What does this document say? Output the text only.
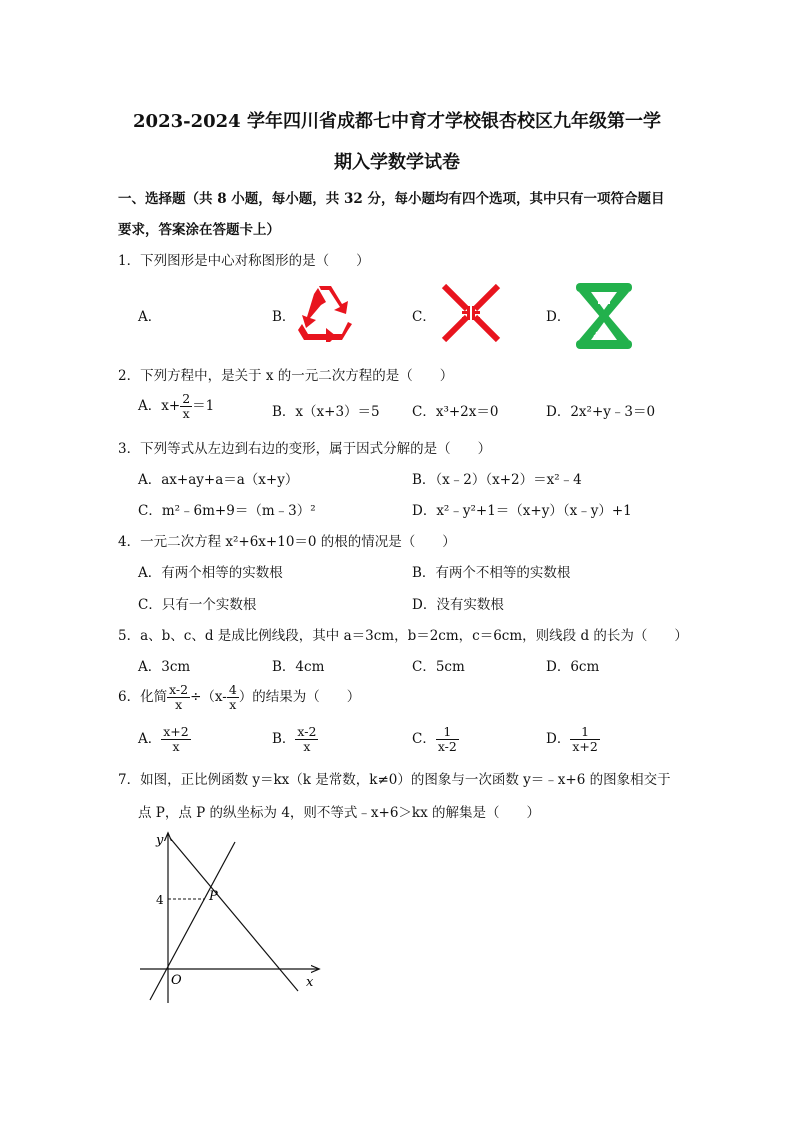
2023-2024 学年四川省成都七中育才学校银杏校区九年级第一学
期入学数学试卷
一、选择题（共 8 小题，每小题，共 32 分，每小题均有四个选项，其中只有一项符合题目
要求，答案涂在答题卡上）
1．下列图形是中心对称图形的是（　　）
A．	B．	C．	D．
2．下列方程中，是关于 x 的一元二次方程的是（　　）
A．$x+ \frac{2}{x} =1$	B．x（x+3）＝5 C．x³+2x＝0	D．2x²+y﹣3＝0
3．下列等式从左边到右边的变形，属于因式分解的是（　　）
A．ax+ay+a＝a（x+y）	B．（x﹣2）（x+2）＝x²﹣4
C．m²﹣6m+9＝（m﹣3）²	D．x²﹣y²+1＝（x+y）（x﹣y）+1
4．一元二次方程 x²+6x+10＝0 的根的情况是（　　）
A．有两个相等的实数根	B．有两个不相等的实数根
C．只有一个实数根	D．没有实数根
5．a、b、c、d 是成比例线段，其中 a＝3cm，b＝2cm，c＝6cm，则线段 d 的长为（　　）
A．3cm	B．4cm	C．5cm	D．6cm
6．化简 $\frac{x-2}{x} \div(x- \frac{4}{x}$ ）的结果为（　　）
A． $\frac{x+2}{x}$	B． $\frac{x-2}{x}$	C． $\frac{1}{x-2}$	D． $\frac{1}{x+2}$
7．如图，正比例函数 y＝kx（k 是常数，k≠0）的图象与一次函数 y＝﹣x+6 的图象相交于
点 P，点 P 的纵坐标为 4，则不等式﹣x+6＞kx 的解集是（　　）
y
x
O
P
4
